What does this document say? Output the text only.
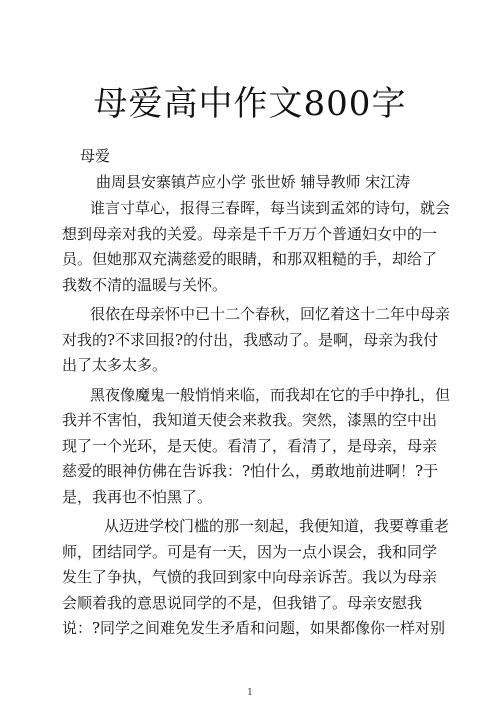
母爱高中作文800字

母爱

曲周县安寨镇芦应小学 张世娇 辅导教师 宋江涛

谁言寸草心，报得三春晖，每当读到孟郊的诗句，就会
想到母亲对我的关爱。母亲是千千万万个普通妇女中的一
员。但她那双充满慈爱的眼睛，和那双粗糙的手，却给了
我数不清的温暖与关怀。

很依在母亲怀中已十二个春秋，回忆着这十二年中母亲
对我的?不求回报?的付出，我感动了。是啊，母亲为我付
出了太多太多。

黑夜像魔鬼一般悄悄来临，而我却在它的手中挣扎，但
我并不害怕，我知道天使会来救我。突然，漆黑的空中出
现了一个光环，是天使。看清了，看清了，是母亲，母亲
慈爱的眼神仿佛在告诉我：?怕什么，勇敢地前进啊！?于
是，我再也不怕黑了。

从迈进学校门槛的那一刻起，我便知道，我要尊重老
师，团结同学。可是有一天，因为一点小误会，我和同学
发生了争执，气愤的我回到家中向母亲诉苦。我以为母亲
会顺着我的意思说同学的不是，但我错了。母亲安慰我
说：?同学之间难免发生矛盾和问题，如果都像你一样对别

1
